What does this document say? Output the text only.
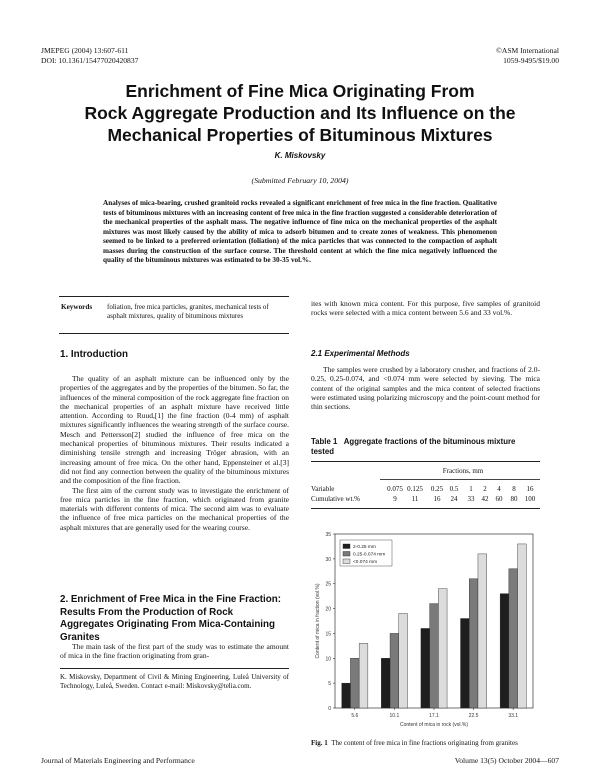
JMEPEG (2004) 13:607-611
DOI: 10.1361/15477020420837
©ASM International
1059-9495/$19.00
Enrichment of Fine Mica Originating From
Rock Aggregate Production and Its Influence on the
Mechanical Properties of Bituminous Mixtures
K. Miskovsky
(Submitted February 10, 2004)
Analyses of mica-bearing, crushed granitoid rocks revealed a significant enrichment of free mica in the fine fraction. Qualitative tests of bituminous mixtures with an increasing content of free mica in the fine fraction suggested a considerable deterioration of the mechanical properties of the asphalt mass. The negative influence of fine mica on the mechanical properties of the asphalt mixtures was most likely caused by the ability of mica to adsorb bitumen and to create zones of weakness. This phenomenon seemed to be linked to a preferred orientation (foliation) of the mica particles that was connected to the compaction of asphalt masses during the construction of the surface course. The threshold content at which the fine mica negatively influenced the quality of the bituminous mixtures was estimated to be 30-35 vol.%.
Keywords foliation, free mica particles, granites, mechanical tests of asphalt mixtures, quality of bituminous mixtures
1. Introduction

The quality of an asphalt mixture can be influenced only by the properties of the aggregates and by the properties of the bitumen. So far, the influences of the mineral composition of the rock aggregate fine fraction on the mechanical properties of an asphalt mixture have received little attention. According to Ruud,[1] the fine fraction (0-4 mm) of asphalt mixtures significantly influences the wearing strength of the surface course. Mesch and Pettersson[2] studied the influence of free mica on the mechanical properties of bituminous mixtures. Their results indicated a diminishing tensile strength and increasing Tröger abrasion, with an increasing amount of free mica. On the other hand, Eppensteiner et al.[3] did not find any connection between the quality of the bituminous mixtures and the composition of the fine fraction.

The first aim of the current study was to investigate the enrichment of free mica particles in the fine fraction, which originated from granite materials with different contents of mica. The second aim was to evaluate the influence of free mica particles on the mechanical properties of the asphalt mixtures that are generally used for the wearing course.

2. Enrichment of Free Mica in the Fine Fraction: Results From the Production of Rock Aggregates Originating From Mica-Containing Granites

The main task of the first part of the study was to estimate the amount of mica in the fine fraction originating from gran-

K. Miskovsky, Department of Civil & Mining Engineering, Luleå University of Technology, Luleå, Sweden. Contact e-mail: Miskovsky@telia.com.
ites with known mica content. For this purpose, five samples of granitoid rocks were selected with a mica content between 5.6 and 33 vol.%.
2.1 Experimental Methods

The samples were crushed by a laboratory crusher, and fractions of 2.0-0.25, 0.25-0.074, and <0.074 mm were selected by sieving. The mica content of the original samples and the mica content of selected fractions were estimated using polarizing microscopy and the point-count method for thin sections.

Table 1 Aggregate fractions of the bituminous mixture tested
Fractions, mm
Variable	0.075 0.125 0.25 0.5 1 2 4 8 16
Cumulative wt.%	9 11 16 24 33 42 60 80 100
0
5
10
15
20
25
30
35
5.6	10.1	17.1	22.5	33.1
Content of mica in rock (vol.%)
Content of mica in fraction (vol.%)
2-0.25 mm
0.25-0.074 mm
<0.074 mm
Fig. 1 The content of free mica in fine fractions originating from granites
Journal of Materials Engineering and Performance	Volume 13(5) October 2004—607
